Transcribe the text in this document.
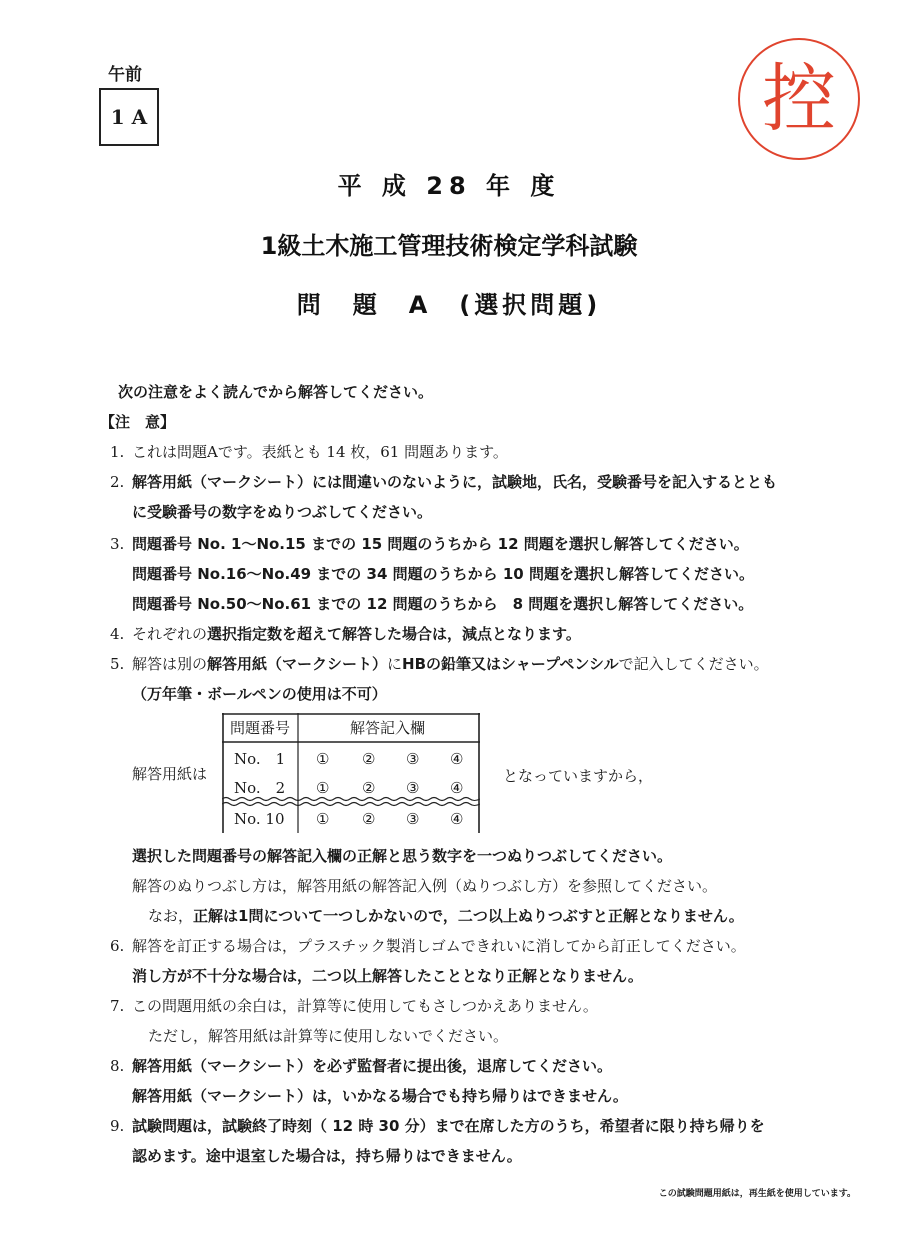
午前
1 A	控
平 成 28 年 度
1級土木施工管理技術検定学科試験
問　題　A　(選択問題)
次の注意をよく読んでから解答してください。
【注　意】
1. これは問題Aです。表紙とも 14 枚，61 問題あります。
2. 解答用紙（マークシート）には間違いのないように，試験地，氏名，受験番号を記入するととも
に受験番号の数字をぬりつぶしてください。
3. 問題番号 No. 1〜No.15 までの 15 問題のうちから 12 問題を選択し解答してください。
問題番号 No.16〜No.49 までの 34 問題のうちから 10 問題を選択し解答してください。
問題番号 No.50〜No.61 までの 12 問題のうちから　8 問題を選択し解答してください。
4. それぞれの選択指定数を超えて解答した場合は，減点となります。
5. 解答は別の解答用紙（マークシート）にHBの鉛筆又はシャープペンシルで記入してください。
（万年筆・ボールペンの使用は不可）
解答用紙は	となっていますから，
問題番号	解答記入欄
No.　1 ① ② ③ ④
No.　2 ① ② ③ ④
No. 10 ① ② ③ ④
選択した問題番号の解答記入欄の正解と思う数字を一つぬりつぶしてください。
解答のぬりつぶし方は，解答用紙の解答記入例（ぬりつぶし方）を参照してください。
なお，正解は1問について一つしかないので，二つ以上ぬりつぶすと正解となりません。
6. 解答を訂正する場合は，プラスチック製消しゴムできれいに消してから訂正してください。
消し方が不十分な場合は，二つ以上解答したこととなり正解となりません。
7. この問題用紙の余白は，計算等に使用してもさしつかえありません。
ただし，解答用紙は計算等に使用しないでください。
8. 解答用紙（マークシート）を必ず監督者に提出後，退席してください。
解答用紙（マークシート）は，いかなる場合でも持ち帰りはできません。
9. 試験問題は，試験終了時刻（ 12 時 30 分）まで在席した方のうち，希望者に限り持ち帰りを
認めます。途中退室した場合は，持ち帰りはできません。
この試験問題用紙は，再生紙を使用しています。
